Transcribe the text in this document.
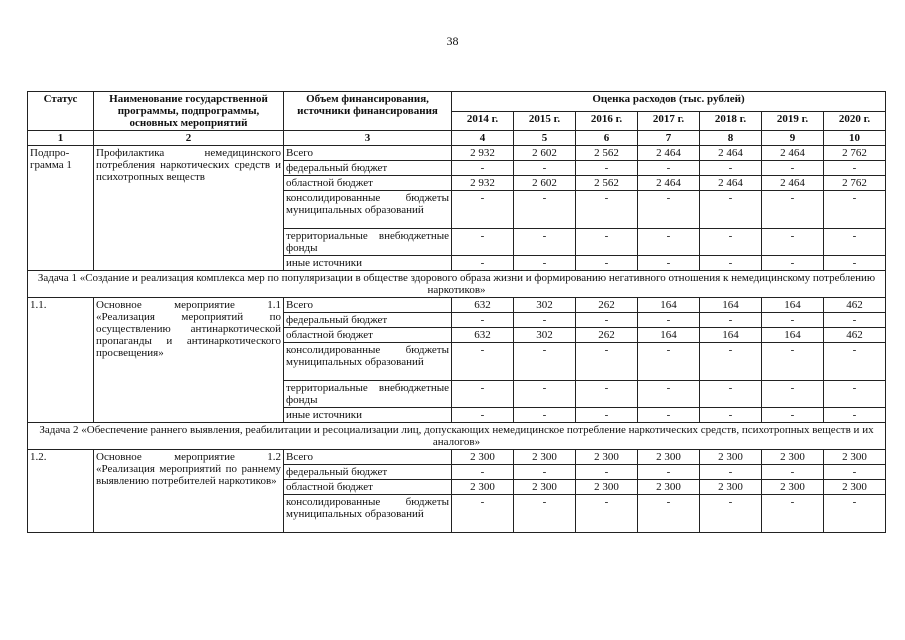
38
Статус	Наименование государственной программы, подпрограммы, основных мероприятий	Объем финансирования, источники финансирования	Оценка расходов (тыс. рублей)						
			2014 г.	2015 г.	2016 г.	2017 г.	2018 г.	2019 г.	2020 г.
1	2	3	4	5	6	7	8	9	10
Подпро-грамма 1	Профилактика немедицинского потребления наркотических средств и психотропных веществ	Всего	2 932	2 602	2 562	2 464	2 464	2 464	2 762
		федеральный бюджет	-	-	-	-	-	-	-
		областной бюджет	2 932	2 602	2 562	2 464	2 464	2 464	2 762
		консолидированные бюджеты муниципальных образований	-	-	-	-	-	-	-
		территориальные внебюджетные фонды	-	-	-	-	-	-	-
		иные источники	-	-	-	-	-	-	-
Задача 1 «Создание и реализация комплекса мер по популяризации в обществе здорового образа жизни и формированию негативного отношения к немедицинскому потреблению наркотиков»									
1.1.	Основное мероприятие 1.1 «Реализация мероприятий по осуществлению антинаркотической пропаганды и антинаркотического просвещения»	Всего	632	302	262	164	164	164	462
		федеральный бюджет	-	-	-	-	-	-	-
		областной бюджет	632	302	262	164	164	164	462
		консолидированные бюджеты муниципальных образований	-	-	-	-	-	-	-
		территориальные внебюджетные фонды	-	-	-	-	-	-	-
		иные источники	-	-	-	-	-	-	-
Задача 2 «Обеспечение раннего выявления, реабилитации и ресоциализации лиц, допускающих немедицинское потребление наркотических средств, психотропных веществ и их аналогов»									
1.2.	Основное мероприятие 1.2 «Реализация мероприятий по раннему выявлению потребителей наркотиков»	Всего	2 300	2 300	2 300	2 300	2 300	2 300	2 300
		федеральный бюджет	-	-	-	-	-	-	-
		областной бюджет	2 300	2 300	2 300	2 300	2 300	2 300	2 300
		консолидированные бюджеты муниципальных образований	-	-	-	-	-	-	-
